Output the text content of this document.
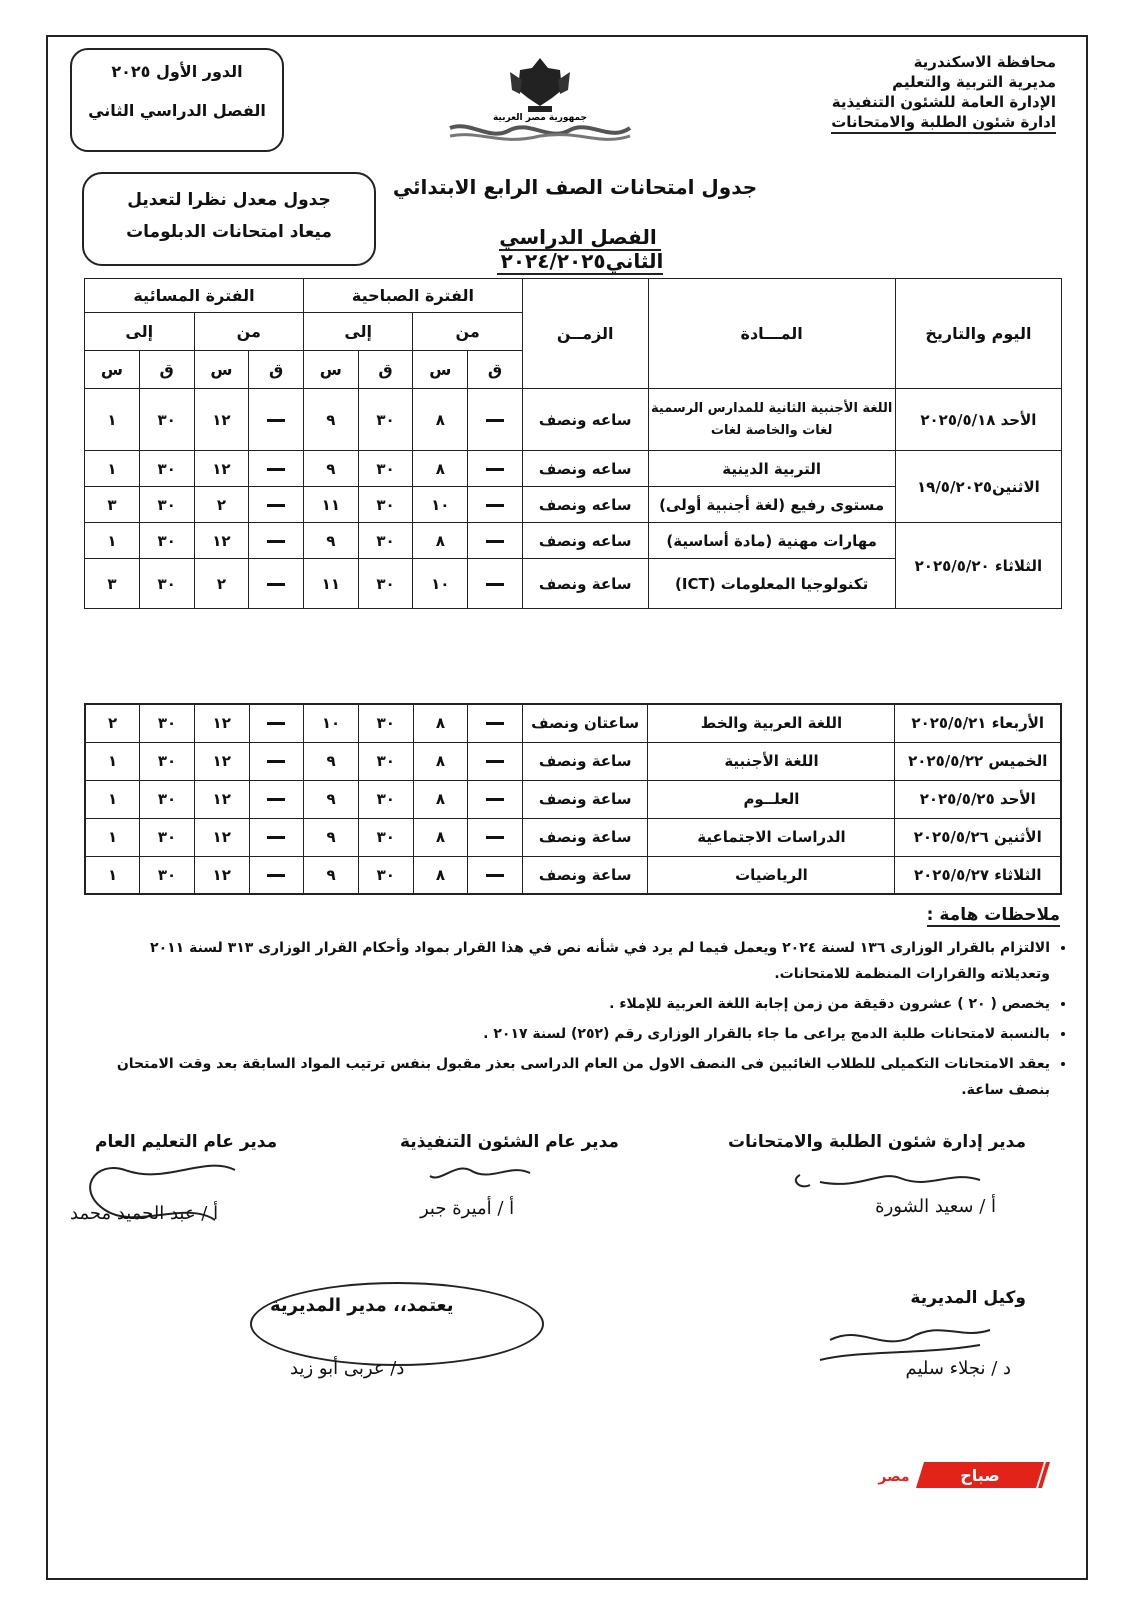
محافظة الاسكندرية
مديرية التربية والتعليم
الإدارة العامة للشئون التنفيذية
ادارة شئون الطلبة والامتحانات
جمهورية مصر العربية
الدور الأول ٢٠٢٥
الفصل الدراسي الثاني
جدول معدل نظرا لتعديل
ميعاد امتحانات الدبلومات
جدول امتحانات الصف الرابع الابتدائي
الفصل الدراسي الثاني٢٠٢٤/٢٠٢٥
اليوم والتاريخ	المـــادة	الزمــن	الفترة الصباحية				الفترة المسائية			
			من		إلى		من		إلى	
			ق	س	ق	س	ق	س	ق	س
الأحد ٢٠٢٥/٥/١٨	اللغة الأجنبية الثانية للمدارس الرسمية لغات والخاصة لغات	ساعه ونصف		٨	٣٠	٩		١٢	٣٠	١
الاثنين١٩/٥/٢٠٢٥	التربية الدينية	ساعه ونصف		٨	٣٠	٩		١٢	٣٠	١
	مستوى رفيع (لغة أجنبية أولى)	ساعه ونصف		١٠	٣٠	١١		٢	٣٠	٣
الثلاثاء ٢٠٢٥/٥/٢٠	مهارات مهنية (مادة أساسية)	ساعه ونصف		٨	٣٠	٩		١٢	٣٠	١
	تكنولوجيا المعلومات (ICT)	ساعة ونصف		١٠	٣٠	١١		٢	٣٠	٣
الأربعاء ٢٠٢٥/٥/٢١	اللغة العربية والخط	ساعتان ونصف		٨	٣٠	١٠		١٢	٣٠	٢
الخميس ٢٠٢٥/٥/٢٢	اللغة الأجنبية	ساعة ونصف		٨	٣٠	٩		١٢	٣٠	١
الأحد ٢٠٢٥/٥/٢٥	العلــوم	ساعة ونصف		٨	٣٠	٩		١٢	٣٠	١
الأثنين ٢٠٢٥/٥/٢٦	الدراسات الاجتماعية	ساعة ونصف		٨	٣٠	٩		١٢	٣٠	١
الثلاثاء ٢٠٢٥/٥/٢٧	الرياضيات	ساعة ونصف		٨	٣٠	٩		١٢	٣٠	١
ملاحظات هامة :
• الالتزام بالقرار الوزارى ١٣٦ لسنة ٢٠٢٤ ويعمل فيما لم يرد في شأنه نص في هذا القرار بمواد وأحكام القرار الوزارى ٣١٣ لسنة ٢٠١١ وتعديلاته والقرارات المنظمة للامتحانات.
• يخصص ( ٢٠ ) عشرون دقيقة من زمن إجابة اللغة العربية للإملاء .
• بالنسبة لامتحانات طلبة الدمج يراعى ما جاء بالقرار الوزارى رقم (٢٥٢) لسنة ٢٠١٧ .
• يعقد الامتحانات التكميلى للطلاب الغائبين فى النصف الاول من العام الدراسى بعذر مقبول بنفس ترتيب المواد السابقة بعد وقت الامتحان بنصف ساعة.
مدير إدارة شئون الطلبة والامتحانات
مدير عام الشئون التنفيذية
مدير عام التعليم العام
أ / سعيد الشورة
أ / أميرة جبر
أ / عبد الحميد محمد
وكيل المديرية
د / نجلاء سليم
يعتمد،، مدير المديرية
د/ عربى أبو زيد
صباح
مصر
